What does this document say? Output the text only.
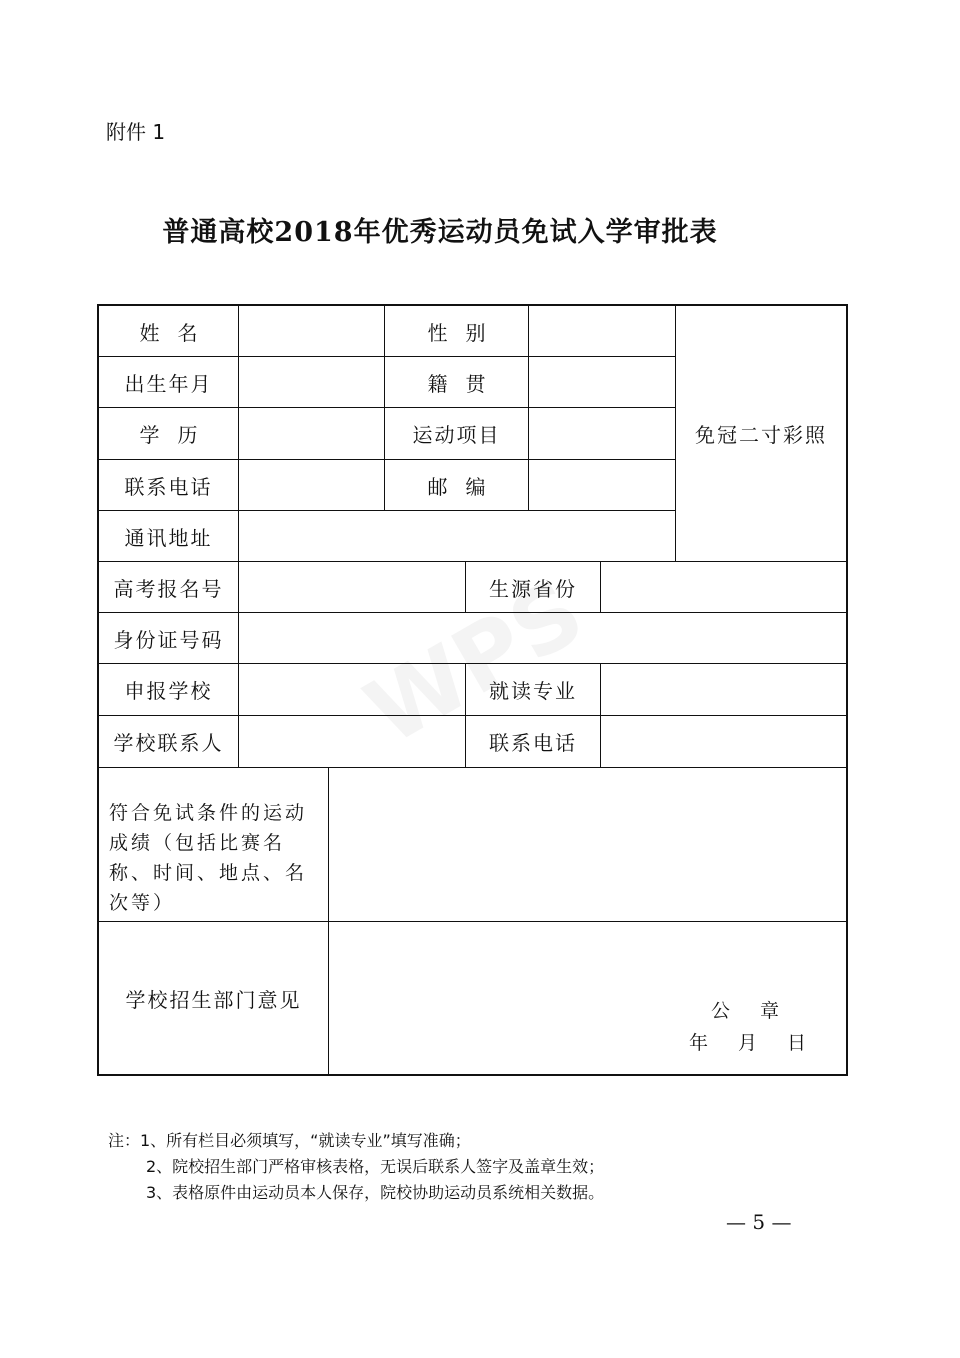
附件 1
普通高校2018年优秀运动员免试入学审批表
姓名	性别
出生年月	籍贯
学历	运动项目
联系电话	邮编
通讯地址
免冠二寸彩照
高考报名号	生源省份
身份证号码
申报学校	就读专业
学校联系人	联系电话
符合免试条件的运动成绩（包括比赛名称、时间、地点、名次等）
学校招生部门意见	公章
年月日
注：1、所有栏目必须填写，“就读专业”填写准确；
2、院校招生部门严格审核表格，无误后联系人签字及盖章生效；
3、表格原件由运动员本人保存，院校协助运动员系统相关数据。
— 5 —
